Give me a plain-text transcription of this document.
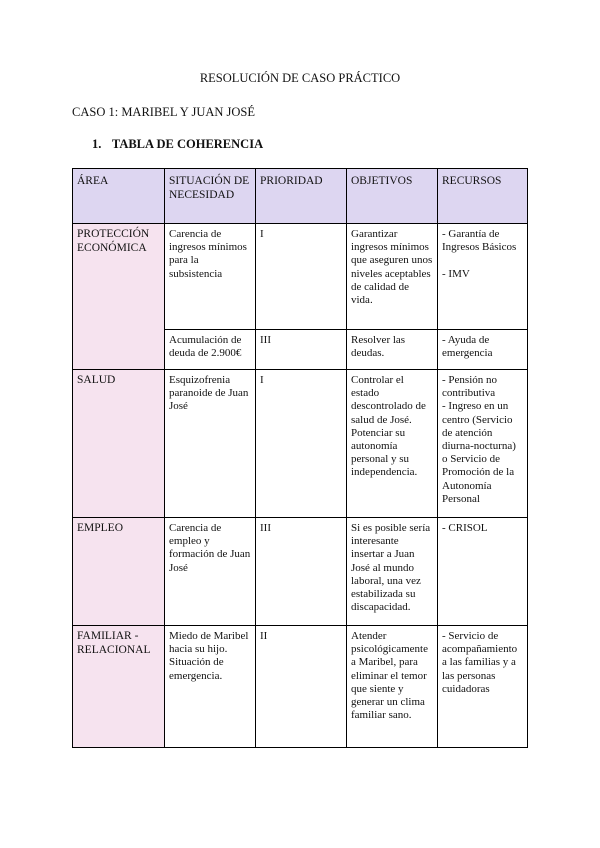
RESOLUCIÓN DE CASO PRÁCTICO
CASO 1: MARIBEL Y JUAN JOSÉ
1. TABLA DE COHERENCIA
ÁREA	SITUACIÓN DE NECESIDAD	PRIORIDAD	OBJETIVOS	RECURSOS
PROTECCIÓN ECONÓMICA	Carencia de ingresos mínimos para la subsistencia	I	Garantizar ingresos mínimos que aseguren unos niveles aceptables de calidad de vida.	- Garantía de Ingresos Básicos

- IMV
	Acumulación de deuda de 2.900€	III	Resolver las deudas.	- Ayuda de emergencia
SALUD	Esquizofrenia paranoide de Juan José	I	Controlar el estado descontrolado de salud de José. Potenciar su autonomía personal y su independencia.	- Pensión no contributiva
- Ingreso en un centro (Servicio de atención diurna-nocturna) o Servicio de Promoción de la Autonomía Personal
EMPLEO	Carencia de empleo y formación de Juan José	III	Si es posible sería interesante insertar a Juan José al mundo laboral, una vez estabilizada su discapacidad.	- CRISOL
FAMILIAR - RELACIONAL	Miedo de Maribel hacia su hijo. Situación de emergencia.	II	Atender psicológicamente a Maribel, para eliminar el temor que siente y generar un clima familiar sano.	- Servicio de acompañamiento a las familias y a las personas cuidadoras
